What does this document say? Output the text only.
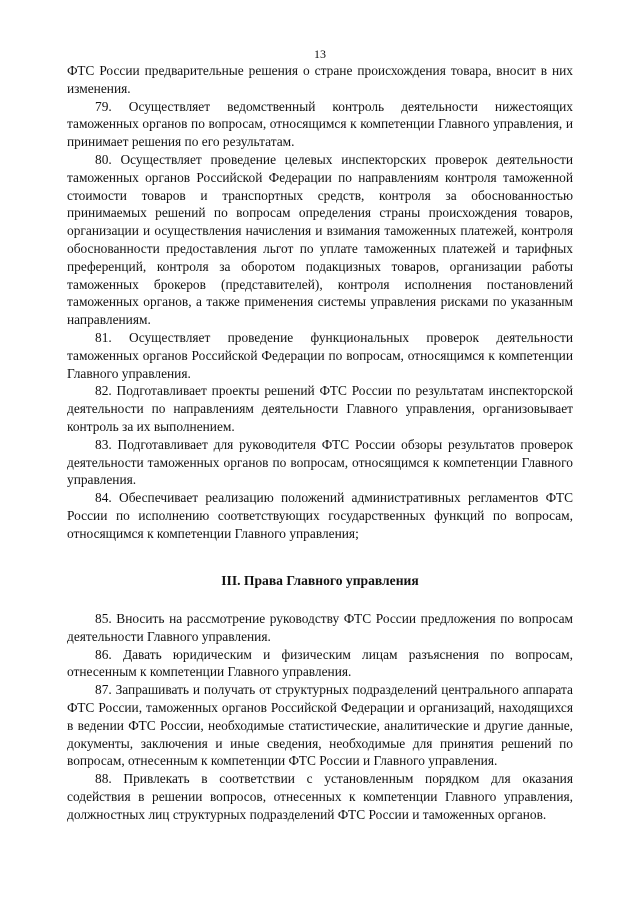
13

ФТС России предварительные решения о стране происхождения товара, вносит в них изменения.

79. Осуществляет ведомственный контроль деятельности нижестоящих таможенных органов по вопросам, относящимся к компетенции Главного управления, и принимает решения по его результатам.

80. Осуществляет проведение целевых инспекторских проверок деятельности таможенных органов Российской Федерации по направлениям контроля таможенной стоимости товаров и транспортных средств, контроля за обоснованностью принимаемых решений по вопросам определения страны происхождения товаров, организации и осуществления начисления и взимания таможенных платежей, контроля обоснованности предоставления льгот по уплате таможенных платежей и тарифных преференций, контроля за оборотом подакцизных товаров, организации работы таможенных брокеров (представителей), контроля исполнения постановлений таможенных органов, а также применения системы управления рисками по указанным направлениям.

81. Осуществляет проведение функциональных проверок деятельности таможенных органов Российской Федерации по вопросам, относящимся к компетенции Главного управления.

82. Подготавливает проекты решений ФТС России по результатам инспекторской деятельности по направлениям деятельности Главного управления, организовывает контроль за их выполнением.

83. Подготавливает для руководителя ФТС России обзоры результатов проверок деятельности таможенных органов по вопросам, относящимся к компетенции Главного управления.

84. Обеспечивает реализацию положений административных регламентов ФТС России по исполнению соответствующих государственных функций по вопросам, относящимся к компетенции Главного управления;

III. Права Главного управления

85. Вносить на рассмотрение руководству ФТС России предложения по вопросам деятельности Главного управления.

86. Давать юридическим и физическим лицам разъяснения по вопросам, отнесенным к компетенции Главного управления.

87. Запрашивать и получать от структурных подразделений центрального аппарата ФТС России, таможенных органов Российской Федерации и организаций, находящихся в ведении ФТС России, необходимые статистические, аналитические и другие данные, документы, заключения и иные сведения, необходимые для принятия решений по вопросам, отнесенным к компетенции ФТС России и Главного управления.

88. Привлекать в соответствии с установленным порядком для оказания содействия в решении вопросов, отнесенных к компетенции Главного управления, должностных лиц структурных подразделений ФТС России и таможенных органов.
